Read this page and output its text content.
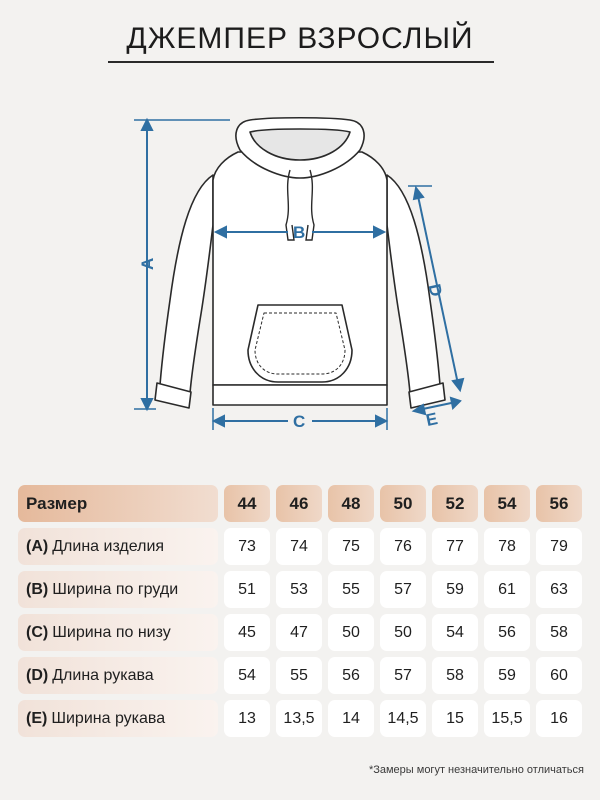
ДЖЕМПЕР ВЗРОСЛЫЙ
A
B
C
D
E
Размер	44	46	48	50	52	54	56
(A) Длина изделия	73	74	75	76	77	78	79
(B) Ширина по груди	51	53	55	57	59	61	63
(C) Ширина по низу	45	47	50	50	54	56	58
(D) Длина рукава	54	55	56	57	58	59	60
(E) Ширина рукава	13	13,5	14	14,5	15	15,5	16
*Замеры могут незначительно отличаться
